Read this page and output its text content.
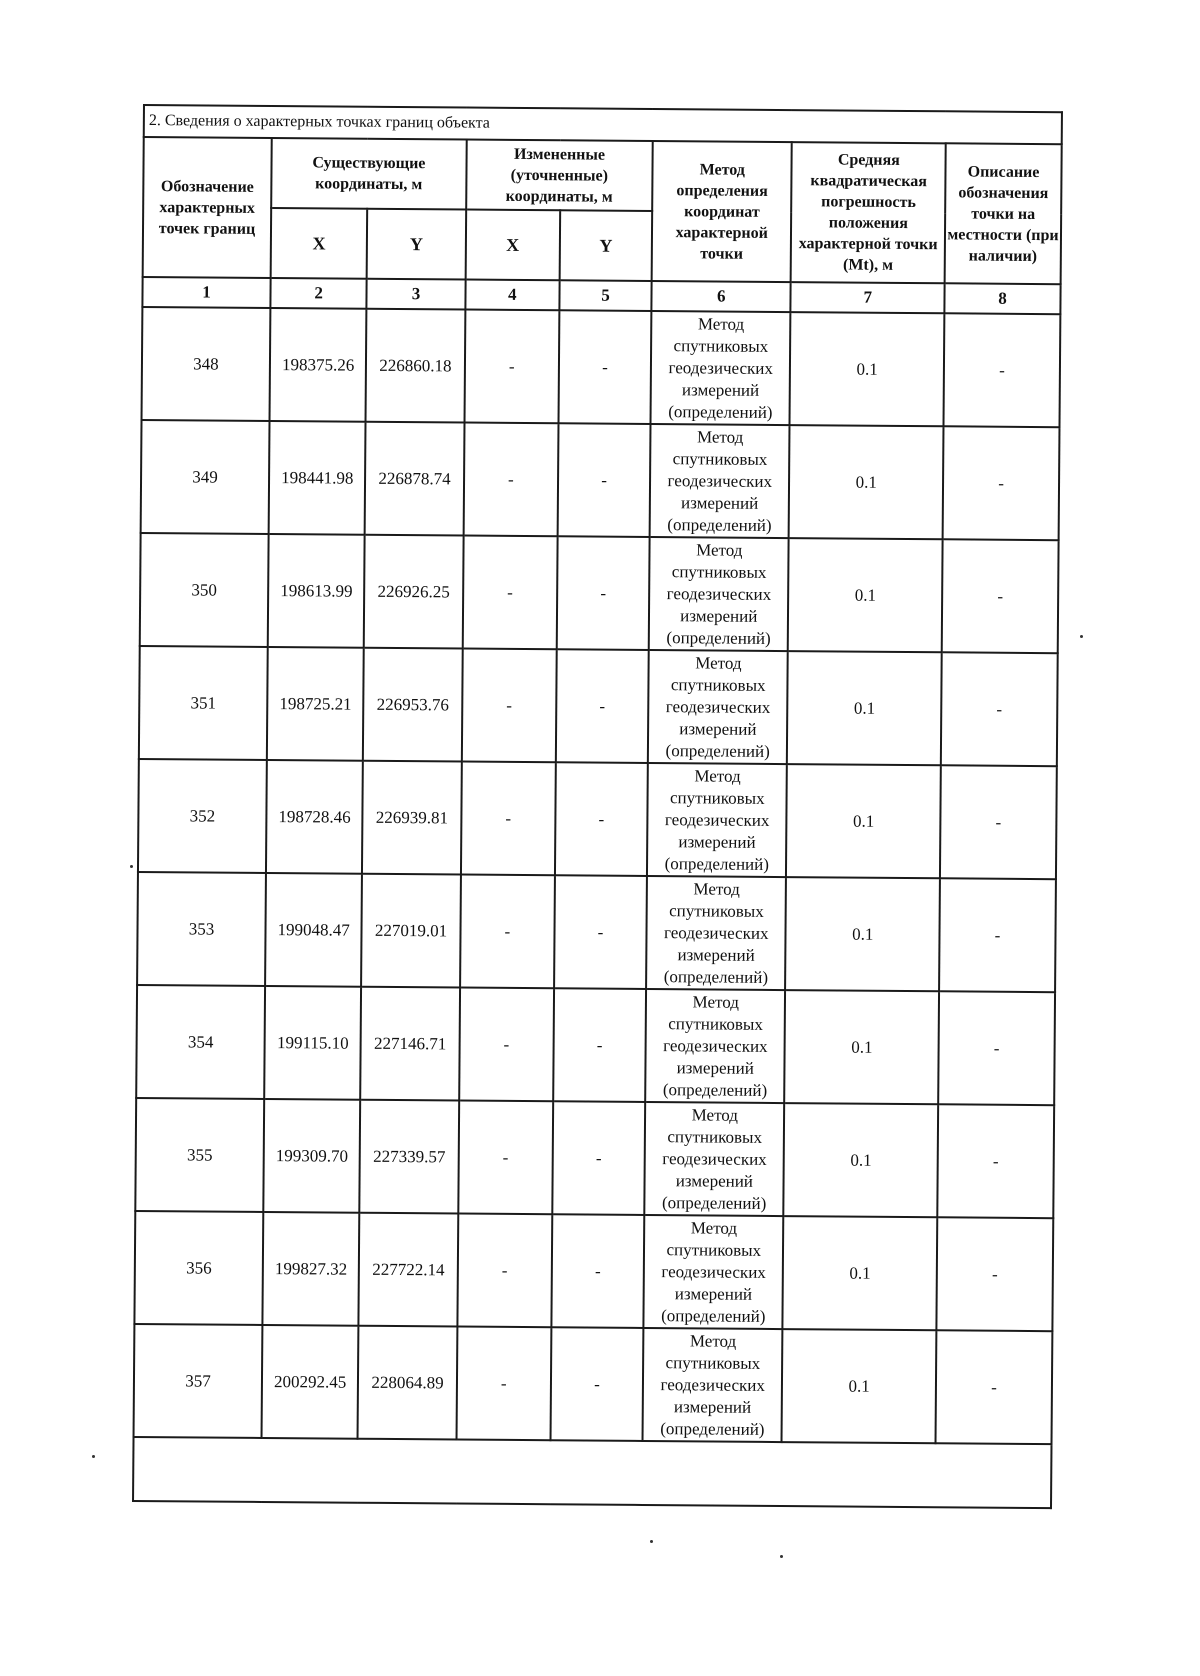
2. Сведения о характерных точках границ объекта							
Обозначение характерных точек границ	Существующие координаты, м		Измененные (уточненные) координаты, м		Метод определения координат характерной точки	Средняя квадратическая погрешность положения характерной точки (Mt), м	Описание обозначения точки на местности (при наличии)
	X	Y	X	Y			
1	2	3	4	5	6	7	8
348	198375.26	226860.18	-	-	Метод спутниковых геодезических измерений (определений)	0.1	-
349	198441.98	226878.74	-	-	Метод спутниковых геодезических измерений (определений)	0.1	-
350	198613.99	226926.25	-	-	Метод спутниковых геодезических измерений (определений)	0.1	-
351	198725.21	226953.76	-	-	Метод спутниковых геодезических измерений (определений)	0.1	-
352	198728.46	226939.81	-	-	Метод спутниковых геодезических измерений (определений)	0.1	-
353	199048.47	227019.01	-	-	Метод спутниковых геодезических измерений (определений)	0.1	-
354	199115.10	227146.71	-	-	Метод спутниковых геодезических измерений (определений)	0.1	-
355	199309.70	227339.57	-	-	Метод спутниковых геодезических измерений (определений)	0.1	-
356	199827.32	227722.14	-	-	Метод спутниковых геодезических измерений (определений)	0.1	-
357	200292.45	228064.89	-	-	Метод спутниковых геодезических измерений (определений)	0.1	-
